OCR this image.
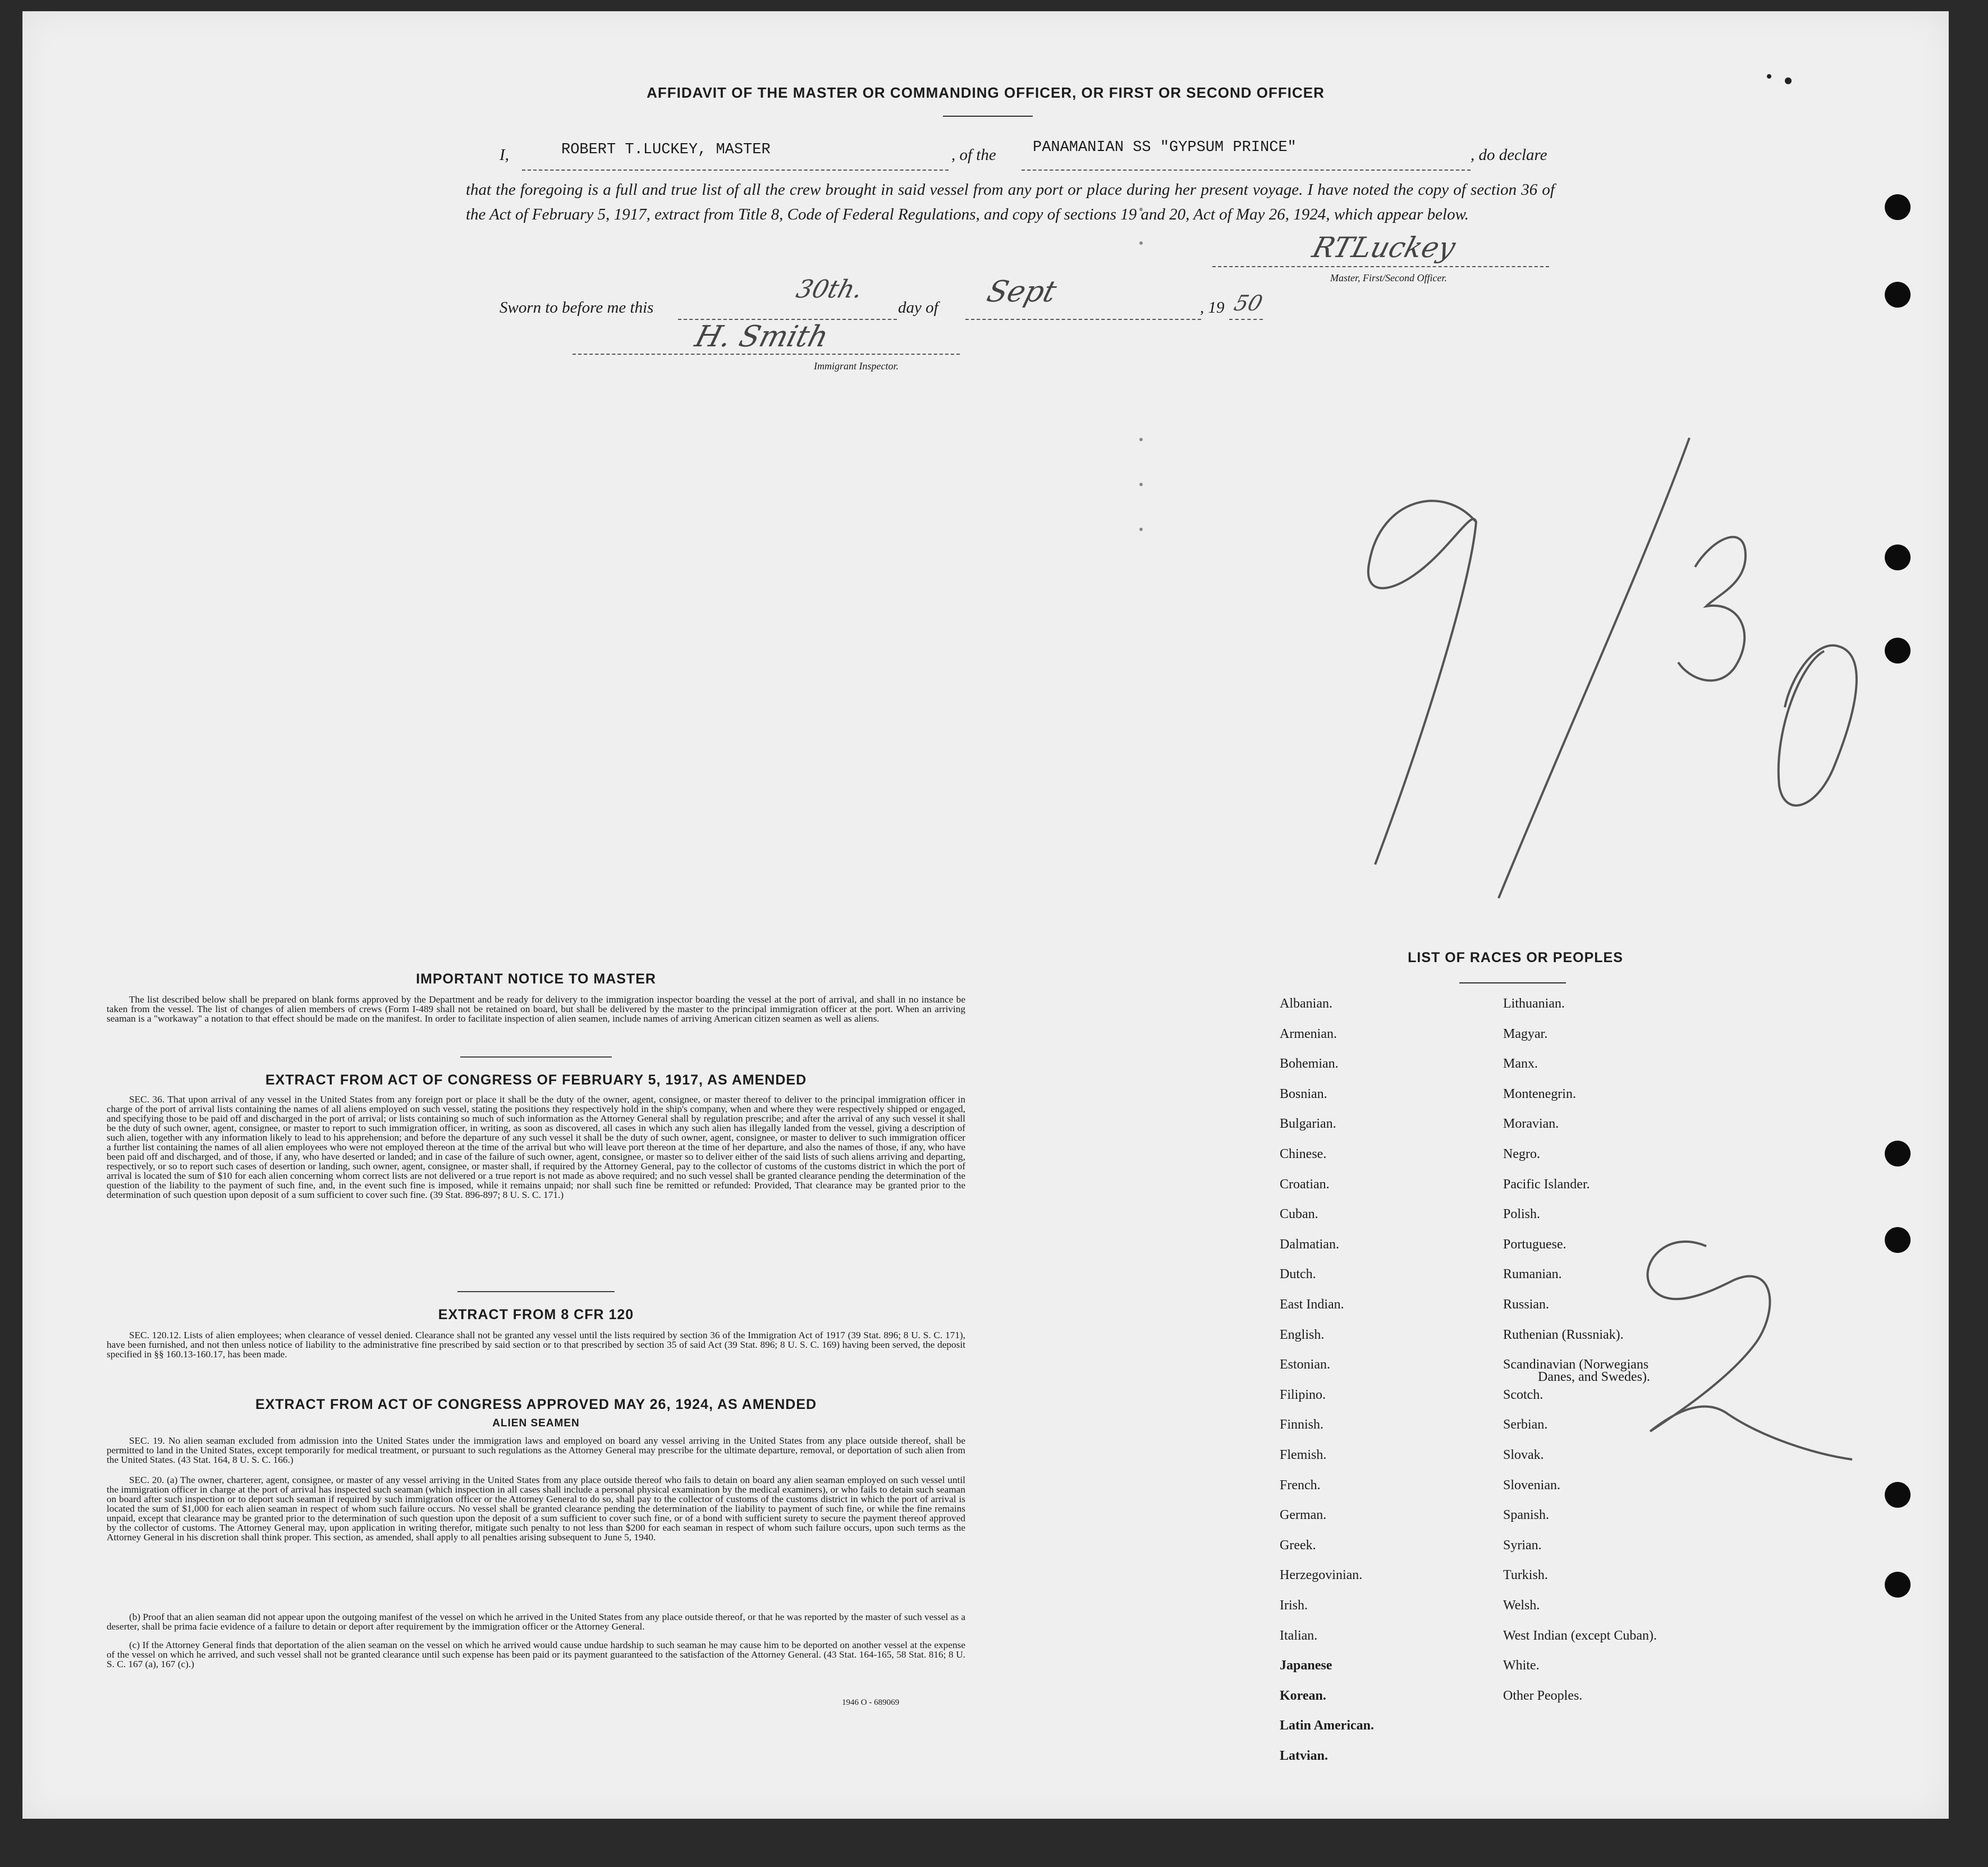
AFFIDAVIT OF THE MASTER OR COMMANDING OFFICER, OR FIRST OR SECOND OFFICER
I,	ROBERT T.LUCKEY, MASTER	, of the PANAMANIAN SS "GYPSUM PRINCE"	, do declare
that the foregoing is a full and true list of all the crew brought in said vessel from any port or place during her present voyage. I have noted the copy of section 36 of the Act of February 5, 1917, extract from Title 8, Code of Federal Regulations, and copy of sections 19 and 20, Act of May 26, 1924, which appear below.
RTLuckey
Master, First/Second Officer.
Sworn to before me this
30th.
day of Sept	, 19 50
H. Smith
Immigrant Inspector.
IMPORTANT NOTICE TO MASTER
The list described below shall be prepared on blank forms approved by the Department and be ready for delivery to the immigration inspector boarding the vessel at the port of arrival, and shall in no instance be taken from the vessel. The list of changes of alien members of crews (Form I-489 shall not be retained on board, but shall be delivered by the master to the principal immigration officer at the port. When an arriving seaman is a "workaway" a notation to that effect should be made on the manifest. In order to facilitate inspection of alien seamen, include names of arriving American citizen seamen as well as aliens.
EXTRACT FROM ACT OF CONGRESS OF FEBRUARY 5, 1917, AS AMENDED
SEC. 36. That upon arrival of any vessel in the United States from any foreign port or place it shall be the duty of the owner, agent, consignee, or master thereof to deliver to the principal immigration officer in charge of the port of arrival lists containing the names of all aliens employed on such vessel, stating the positions they respectively hold in the ship's company, when and where they were respectively shipped or engaged, and specifying those to be paid off and discharged in the port of arrival; or lists containing so much of such information as the Attorney General shall by regulation prescribe; and after the arrival of any such vessel it shall be the duty of such owner, agent, consignee, or master to report to such immigration officer, in writing, as soon as discovered, all cases in which any such alien has illegally landed from the vessel, giving a description of such alien, together with any information likely to lead to his apprehension; and before the departure of any such vessel it shall be the duty of such owner, agent, consignee, or master to deliver to such immigration officer a further list containing the names of all alien employees who were not employed thereon at the time of the arrival but who will leave port thereon at the time of her departure, and also the names of those, if any, who have been paid off and discharged, and of those, if any, who have deserted or landed; and in case of the failure of such owner, agent, consignee, or master so to deliver either of the said lists of such aliens arriving and departing, respectively, or so to report such cases of desertion or landing, such owner, agent, consignee, or master shall, if required by the Attorney General, pay to the collector of customs of the customs district in which the port of arrival is located the sum of $10 for each alien concerning whom correct lists are not delivered or a true report is not made as above required; and no such vessel shall be granted clearance pending the determination of the question of the liability to the payment of such fine, and, in the event such fine is imposed, while it remains unpaid; nor shall such fine be remitted or refunded: Provided, That clearance may be granted prior to the determination of such question upon deposit of a sum sufficient to cover such fine. (39 Stat. 896-897; 8 U. S. C. 171.)
EXTRACT FROM 8 CFR 120
SEC. 120.12. Lists of alien employees; when clearance of vessel denied. Clearance shall not be granted any vessel until the lists required by section 36 of the Immigration Act of 1917 (39 Stat. 896; 8 U. S. C. 171), have been furnished, and not then unless notice of liability to the administrative fine prescribed by said section or to that prescribed by section 35 of said Act (39 Stat. 896; 8 U. S. C. 169) having been served, the deposit specified in §§ 160.13-160.17, has been made.
EXTRACT FROM ACT OF CONGRESS APPROVED MAY 26, 1924, AS AMENDED
ALIEN SEAMEN
SEC. 19. No alien seaman excluded from admission into the United States under the immigration laws and employed on board any vessel arriving in the United States from any place outside thereof, shall be permitted to land in the United States, except temporarily for medical treatment, or pursuant to such regulations as the Attorney General may prescribe for the ultimate departure, removal, or deportation of such alien from the United States. (43 Stat. 164, 8 U. S. C. 166.)
SEC. 20. (a) The owner, charterer, agent, consignee, or master of any vessel arriving in the United States from any place outside thereof who fails to detain on board any alien seaman employed on such vessel until the immigration officer in charge at the port of arrival has inspected such seaman (which inspection in all cases shall include a personal physical examination by the medical examiners), or who fails to detain such seaman on board after such inspection or to deport such seaman if required by such immigration officer or the Attorney General to do so, shall pay to the collector of customs of the customs district in which the port of arrival is located the sum of $1,000 for each alien seaman in respect of whom such failure occurs. No vessel shall be granted clearance pending the determination of the liability to payment of such fine, or while the fine remains unpaid, except that clearance may be granted prior to the determination of such question upon the deposit of a sum sufficient to cover such fine, or of a bond with sufficient surety to secure the payment thereof approved by the collector of customs. The Attorney General may, upon application in writing therefor, mitigate such penalty to not less than $200 for each seaman in respect of whom such failure occurs, upon such terms as the Attorney General in his discretion shall think proper. This section, as amended, shall apply to all penalties arising subsequent to June 5, 1940.
(b) Proof that an alien seaman did not appear upon the outgoing manifest of the vessel on which he arrived in the United States from any place outside thereof, or that he was reported by the master of such vessel as a deserter, shall be prima facie evidence of a failure to detain or deport after requirement by the immigration officer or the Attorney General.
(c) If the Attorney General finds that deportation of the alien seaman on the vessel on which he arrived would cause undue hardship to such seaman he may cause him to be deported on another vessel at the expense of the vessel on which he arrived, and such vessel shall not be granted clearance until such expense has been paid or its payment guaranteed to the satisfaction of the Attorney General. (43 Stat. 164-165, 58 Stat. 816; 8 U. S. C. 167 (a), 167 (c).)
1946 O - 689069
LIST OF RACES OR PEOPLES
Albanian.
Armenian.
Bohemian.
Bosnian.
Bulgarian.
Chinese.
Croatian.
Cuban.
Dalmatian.
Dutch.
East Indian.
English.
Estonian.
Filipino.
Finnish.
Flemish.
French.
German.
Greek.
Herzegovinian.
Irish.
Italian.
Japanese
Korean.
Latin American.
Latvian.
Lithuanian.
Magyar.
Manx.
Montenegrin.
Moravian.
Negro.
Pacific Islander.
Polish.
Portuguese.
Rumanian.
Russian.
Ruthenian (Russniak).
Scandinavian (Norwegians
Danes, and Swedes).
Scotch.
Serbian.
Slovak.
Slovenian.
Spanish.
Syrian.
Turkish.
Welsh.
West Indian (except Cuban).
White.
Other Peoples.
